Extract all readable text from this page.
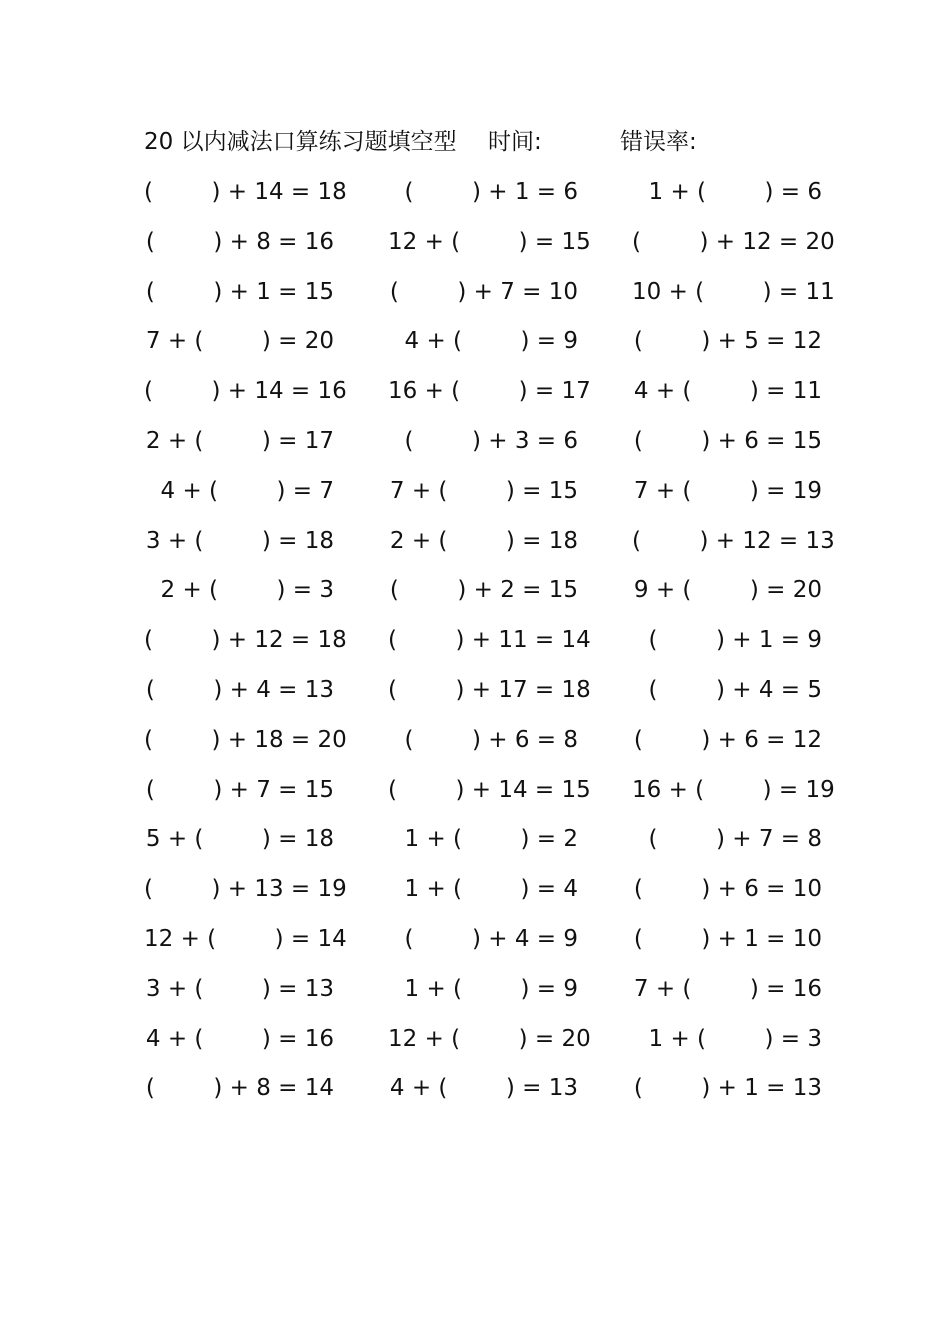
20 以内减法口算练习题填空型 时间:	错误率:
(        ) + 14 = 18	(        ) + 1 = 6	1 + (        ) = 6
(        ) + 8 = 16 12 + (        ) = 15 (        ) + 12 = 20
(        ) + 1 = 15 (        ) + 7 = 10 10 + (        ) = 11
7 + (        ) = 20	4 + (        ) = 9 (        ) + 5 = 12
(        ) + 14 = 16 16 + (        ) = 17 4 + (        ) = 11
2 + (        ) = 17	(        ) + 3 = 6 (        ) + 6 = 15
4 + (        ) = 7 7 + (        ) = 15 7 + (        ) = 19
3 + (        ) = 18 2 + (        ) = 18 (        ) + 12 = 13
2 + (        ) = 3 (        ) + 2 = 15 9 + (        ) = 20
(        ) + 12 = 18 (        ) + 11 = 14	(        ) + 1 = 9
(        ) + 4 = 13 (        ) + 17 = 18	(        ) + 4 = 5
(        ) + 18 = 20	(        ) + 6 = 8 (        ) + 6 = 12
(        ) + 7 = 15 (        ) + 14 = 15 16 + (        ) = 19
5 + (        ) = 18	1 + (        ) = 2	(        ) + 7 = 8
(        ) + 13 = 19	1 + (        ) = 4 (        ) + 6 = 10
12 + (        ) = 14	(        ) + 4 = 9 (        ) + 1 = 10
3 + (        ) = 13	1 + (        ) = 9 7 + (        ) = 16
4 + (        ) = 16 12 + (        ) = 20	1 + (        ) = 3
(        ) + 8 = 14 4 + (        ) = 13 (        ) + 1 = 13
